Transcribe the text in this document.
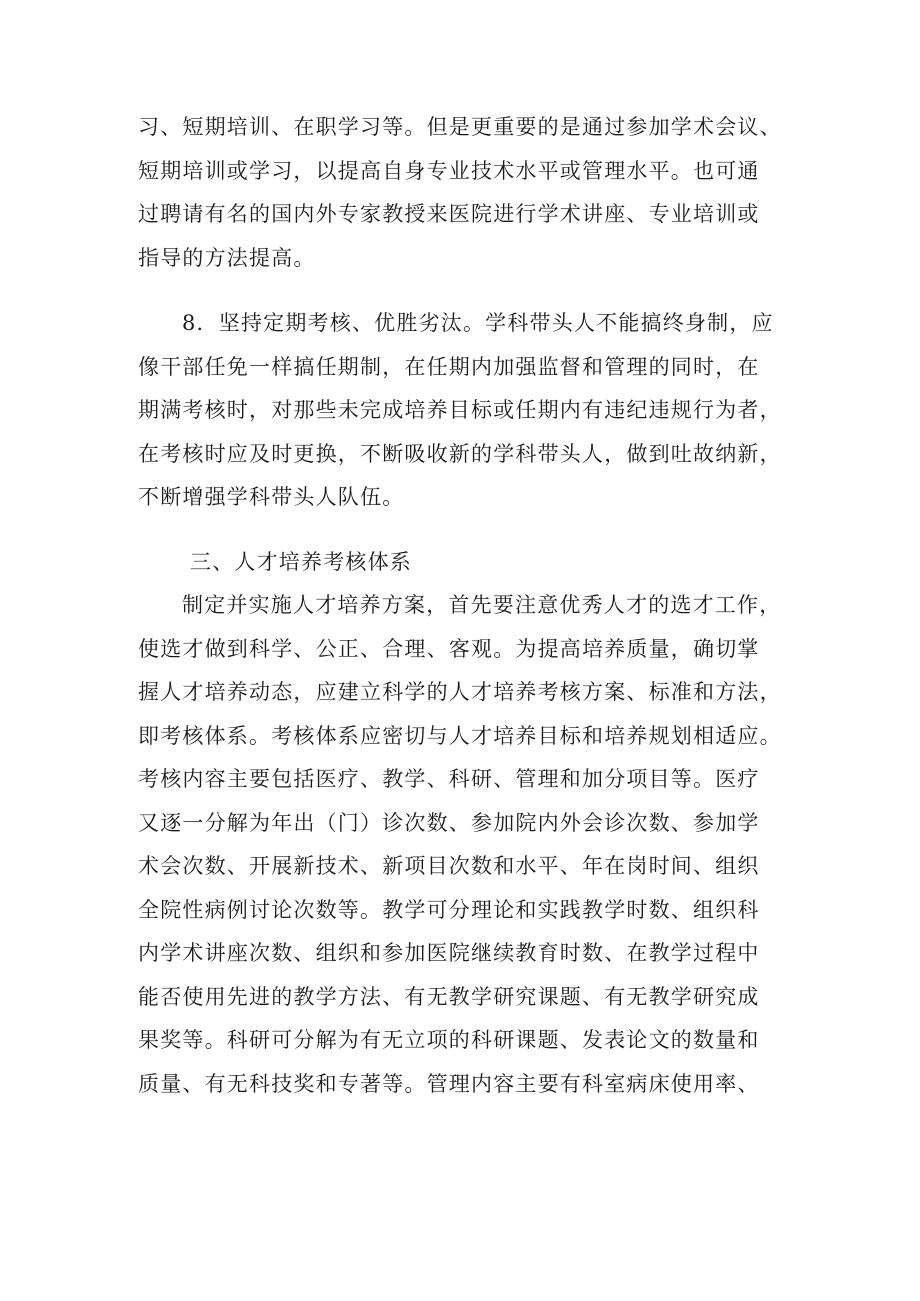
习、短期培训、在职学习等。但是更重要的是通过参加学术会议、
短期培训或学习，以提高自身专业技术水平或管理水平。也可通
过聘请有名的国内外专家教授来医院进行学术讲座、专业培训或
指导的方法提高。
8．坚持定期考核、优胜劣汰。学科带头人不能搞终身制，应
像干部任免一样搞任期制，在任期内加强监督和管理的同时，在
期满考核时，对那些未完成培养目标或任期内有违纪违规行为者，
在考核时应及时更换，不断吸收新的学科带头人，做到吐故纳新，
不断增强学科带头人队伍。
三、人才培养考核体系
制定并实施人才培养方案，首先要注意优秀人才的选才工作，
使选才做到科学、公正、合理、客观。为提高培养质量，确切掌
握人才培养动态，应建立科学的人才培养考核方案、标准和方法，
即考核体系。考核体系应密切与人才培养目标和培养规划相适应。
考核内容主要包括医疗、教学、科研、管理和加分项目等。医疗
又逐一分解为年出（门）诊次数、参加院内外会诊次数、参加学
术会次数、开展新技术、新项目次数和水平、年在岗时间、组织
全院性病例讨论次数等。教学可分理论和实践教学时数、组织科
内学术讲座次数、组织和参加医院继续教育时数、在教学过程中
能否使用先进的教学方法、有无教学研究课题、有无教学研究成
果奖等。科研可分解为有无立项的科研课题、发表论文的数量和
质量、有无科技奖和专著等。管理内容主要有科室病床使用率、
